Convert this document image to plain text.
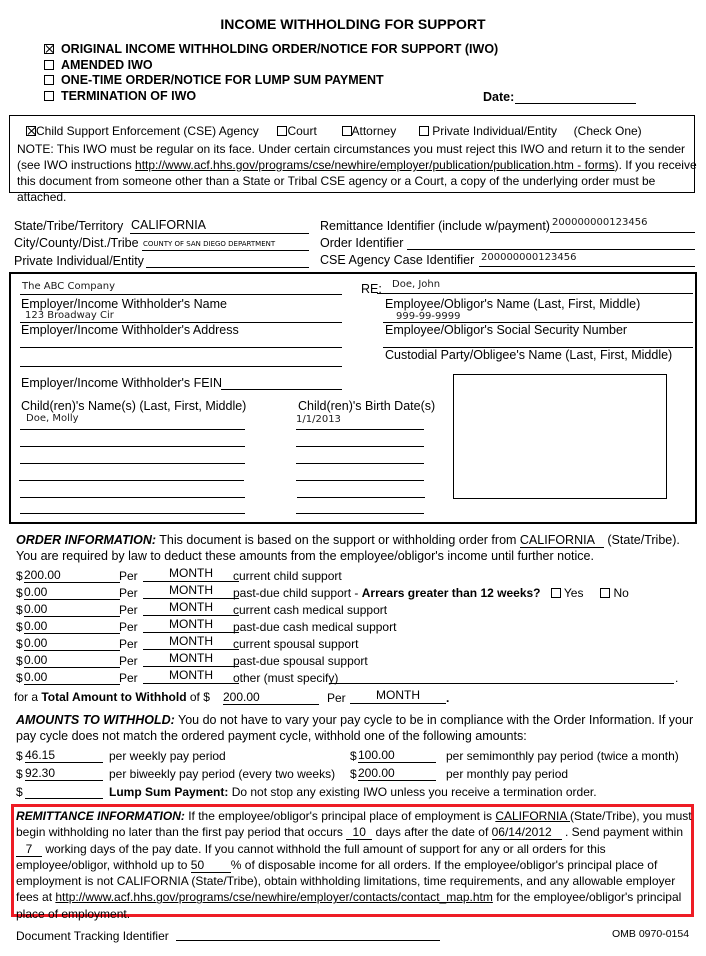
INCOME WITHHOLDING FOR SUPPORT
ORIGINAL INCOME WITHHOLDING ORDER/NOTICE FOR SUPPORT (IWO)
AMENDED IWO
ONE-TIME ORDER/NOTICE FOR LUMP SUM PAYMENT
TERMINATION OF IWO	Date:
Child Support Enforcement (CSE) Agency Court	Attorney	Private Individual/Entity (Check One)
NOTE: This IWO must be regular on its face. Under certain circumstances you must reject this IWO and return it to the sender (see IWO instructions http://www.acf.hhs.gov/programs/cse/newhire/employer/publication/publication.htm - forms). If you receive this document from someone other than a State or Tribal CSE agency or a Court, a copy of the underlying order must be attached.
State/Tribe/Territory CALIFORNIA
City/County/Dist./Tribe COUNTY OF SAN DIEGO DEPARTMENT
Private Individual/Entity
Remittance Identifier (include w/payment) 200000000123456
Order Identifier
CSE Agency Case Identifier 200000000123456
The ABC Company
Employer/Income Withholder's Name
123 Broadway Cir
Employer/Income Withholder's Address
Employer/Income Withholder's FEIN
RE: Doe, John
Employee/Obligor's Name (Last, First, Middle)
999-99-9999
Employee/Obligor's Social Security Number
Custodial Party/Obligee's Name (Last, First, Middle)
Child(ren)'s Name(s) (Last, First, Middle)	Child(ren)'s Birth Date(s)
Doe, Molly	1/1/2013
ORDER INFORMATION: This document is based on the support or withholding order from CALIFORNIA (State/Tribe).
You are required by law to deduct these amounts from the employee/obligor's income until further notice.
$ 200.00	Per	MONTH	current child support
$ 0.00	Per	MONTH	past-due child support - Arrears greater than 12 weeks? Yes	No
$ 0.00	Per	MONTH	current cash medical support
$ 0.00	Per	MONTH	past-due cash medical support
$ 0.00	Per	MONTH	current spousal support
$ 0.00	Per	MONTH	past-due spousal support
$ 0.00	Per	MONTH	other (must specify)	.
for a Total Amount to Withhold of $ 200.00	Per	MONTH	.
AMOUNTS TO WITHHOLD: You do not have to vary your pay cycle to be in compliance with the Order Information. If your pay cycle does not match the ordered payment cycle, withhold one of the following amounts:
$ 46.15	per weekly pay period	$ 100.00	per semimonthly pay period (twice a month)
$ 92.30	per biweekly pay period (every two weeks) $ 200.00	per monthly pay period
$	Lump Sum Payment: Do not stop any existing IWO unless you receive a termination order.
REMITTANCE INFORMATION: If the employee/obligor's principal place of employment is CALIFORNIA (State/Tribe), you must begin withholding no later than the first pay period that occurs 10 days after the date of 06/14/2012 . Send payment within 7 working days of the pay date. If you cannot withhold the full amount of support for any or all orders for this employee/obligor, withhold up to 50 % of disposable income for all orders. If the employee/obligor's principal place of employment is not CALIFORNIA (State/Tribe), obtain withholding limitations, time requirements, and any allowable employer fees at http://www.acf.hhs.gov/programs/cse/newhire/employer/contacts/contact_map.htm for the employee/obligor's principal place of employment.
Document Tracking Identifier	OMB 0970-0154
